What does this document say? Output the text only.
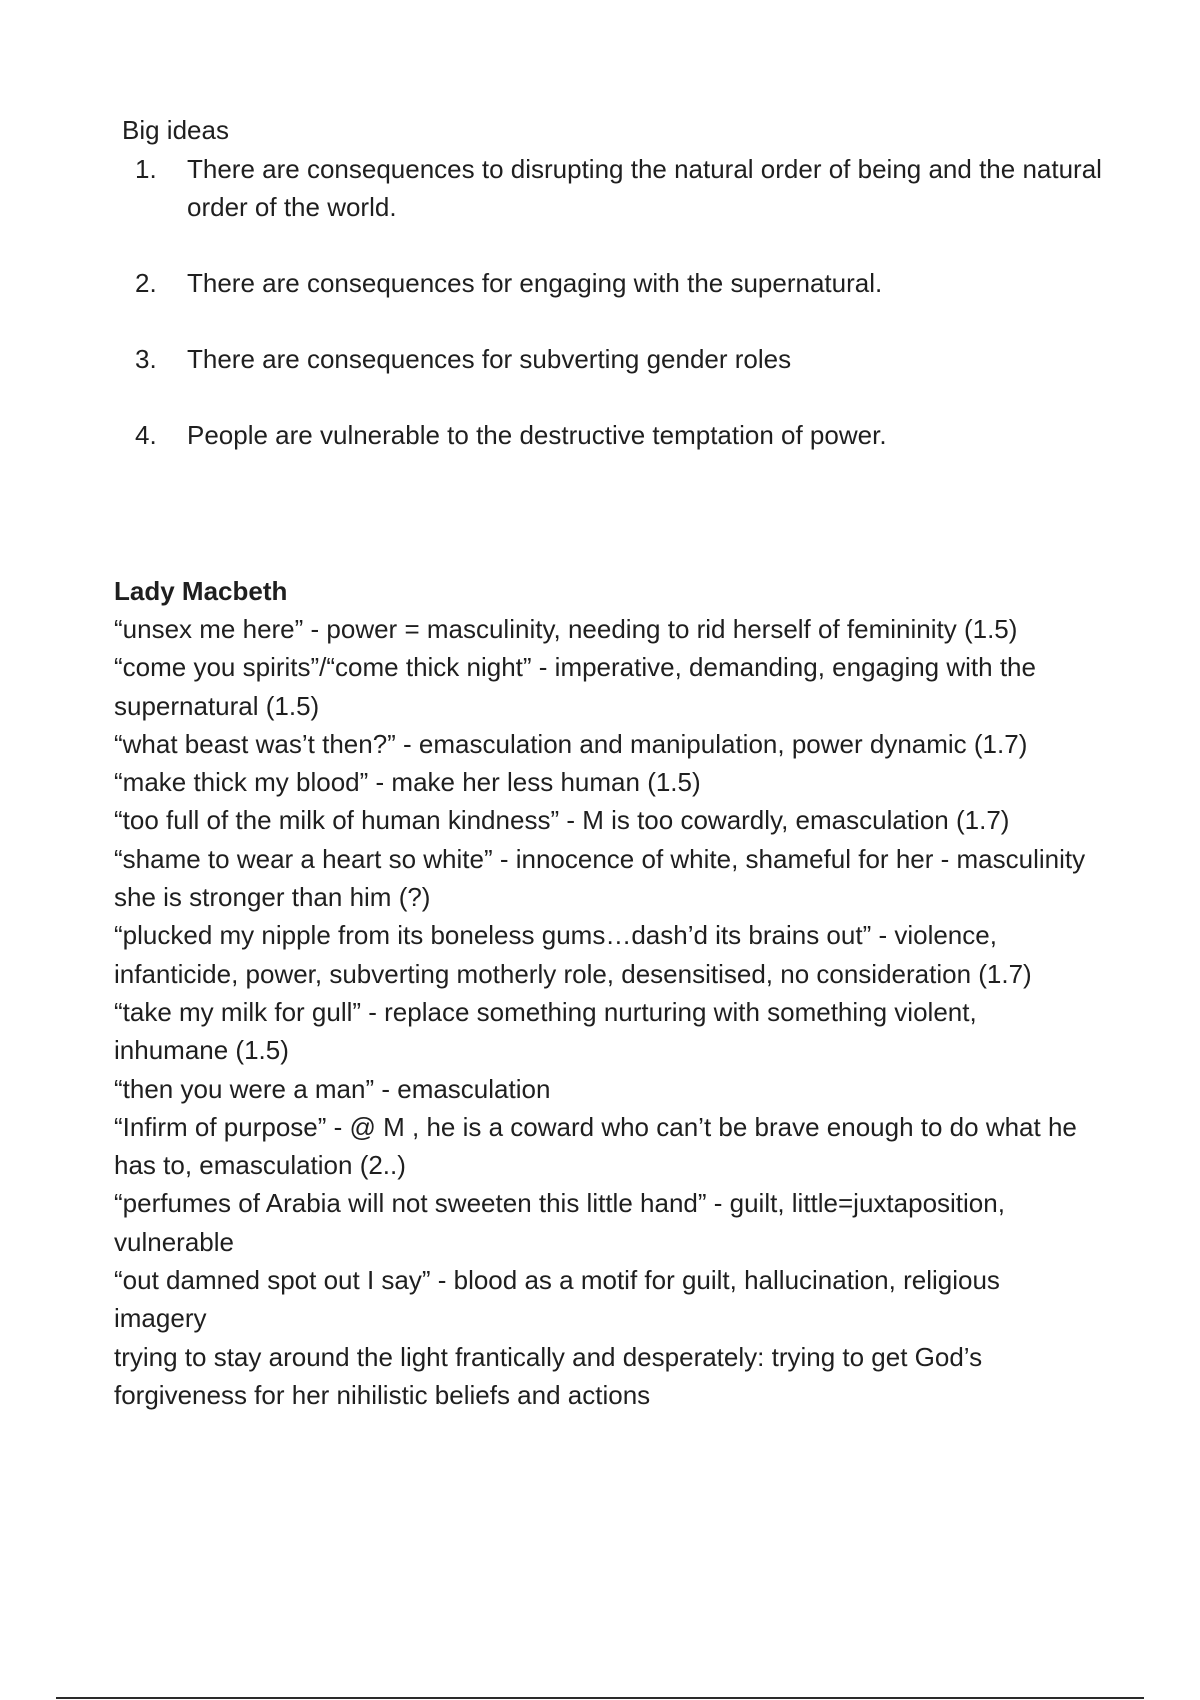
Big ideas
1. There are consequences to disrupting the natural order of being and the natural order of the world.
2. There are consequences for engaging with the supernatural.
3. There are consequences for subverting gender roles
4. People are vulnerable to the destructive temptation of power.
Lady Macbeth

“unsex me here” - power = masculinity, needing to rid herself of femininity (1.5)

“come you spirits”/“come thick night” - imperative, demanding, engaging with the supernatural (1.5)

“what beast was’t then?” - emasculation and manipulation, power dynamic (1.7)

“make thick my blood” - make her less human (1.5)

“too full of the milk of human kindness” - M is too cowardly, emasculation (1.7)

“shame to wear a heart so white” - innocence of white, shameful for her - masculinity she is stronger than him (?)

“plucked my nipple from its boneless gums…dash’d its brains out” - violence, infanticide, power, subverting motherly role, desensitised, no consideration (1.7)

“take my milk for gull” - replace something nurturing with something violent, inhumane (1.5)

“then you were a man” - emasculation

“Infirm of purpose” - @ M , he is a coward who can’t be brave enough to do what he has to, emasculation (2..)

“perfumes of Arabia will not sweeten this little hand” - guilt, little=juxtaposition, vulnerable

“out damned spot out I say” - blood as a motif for guilt, hallucination, religious imagery

trying to stay around the light frantically and desperately: trying to get God’s forgiveness for her nihilistic beliefs and actions
